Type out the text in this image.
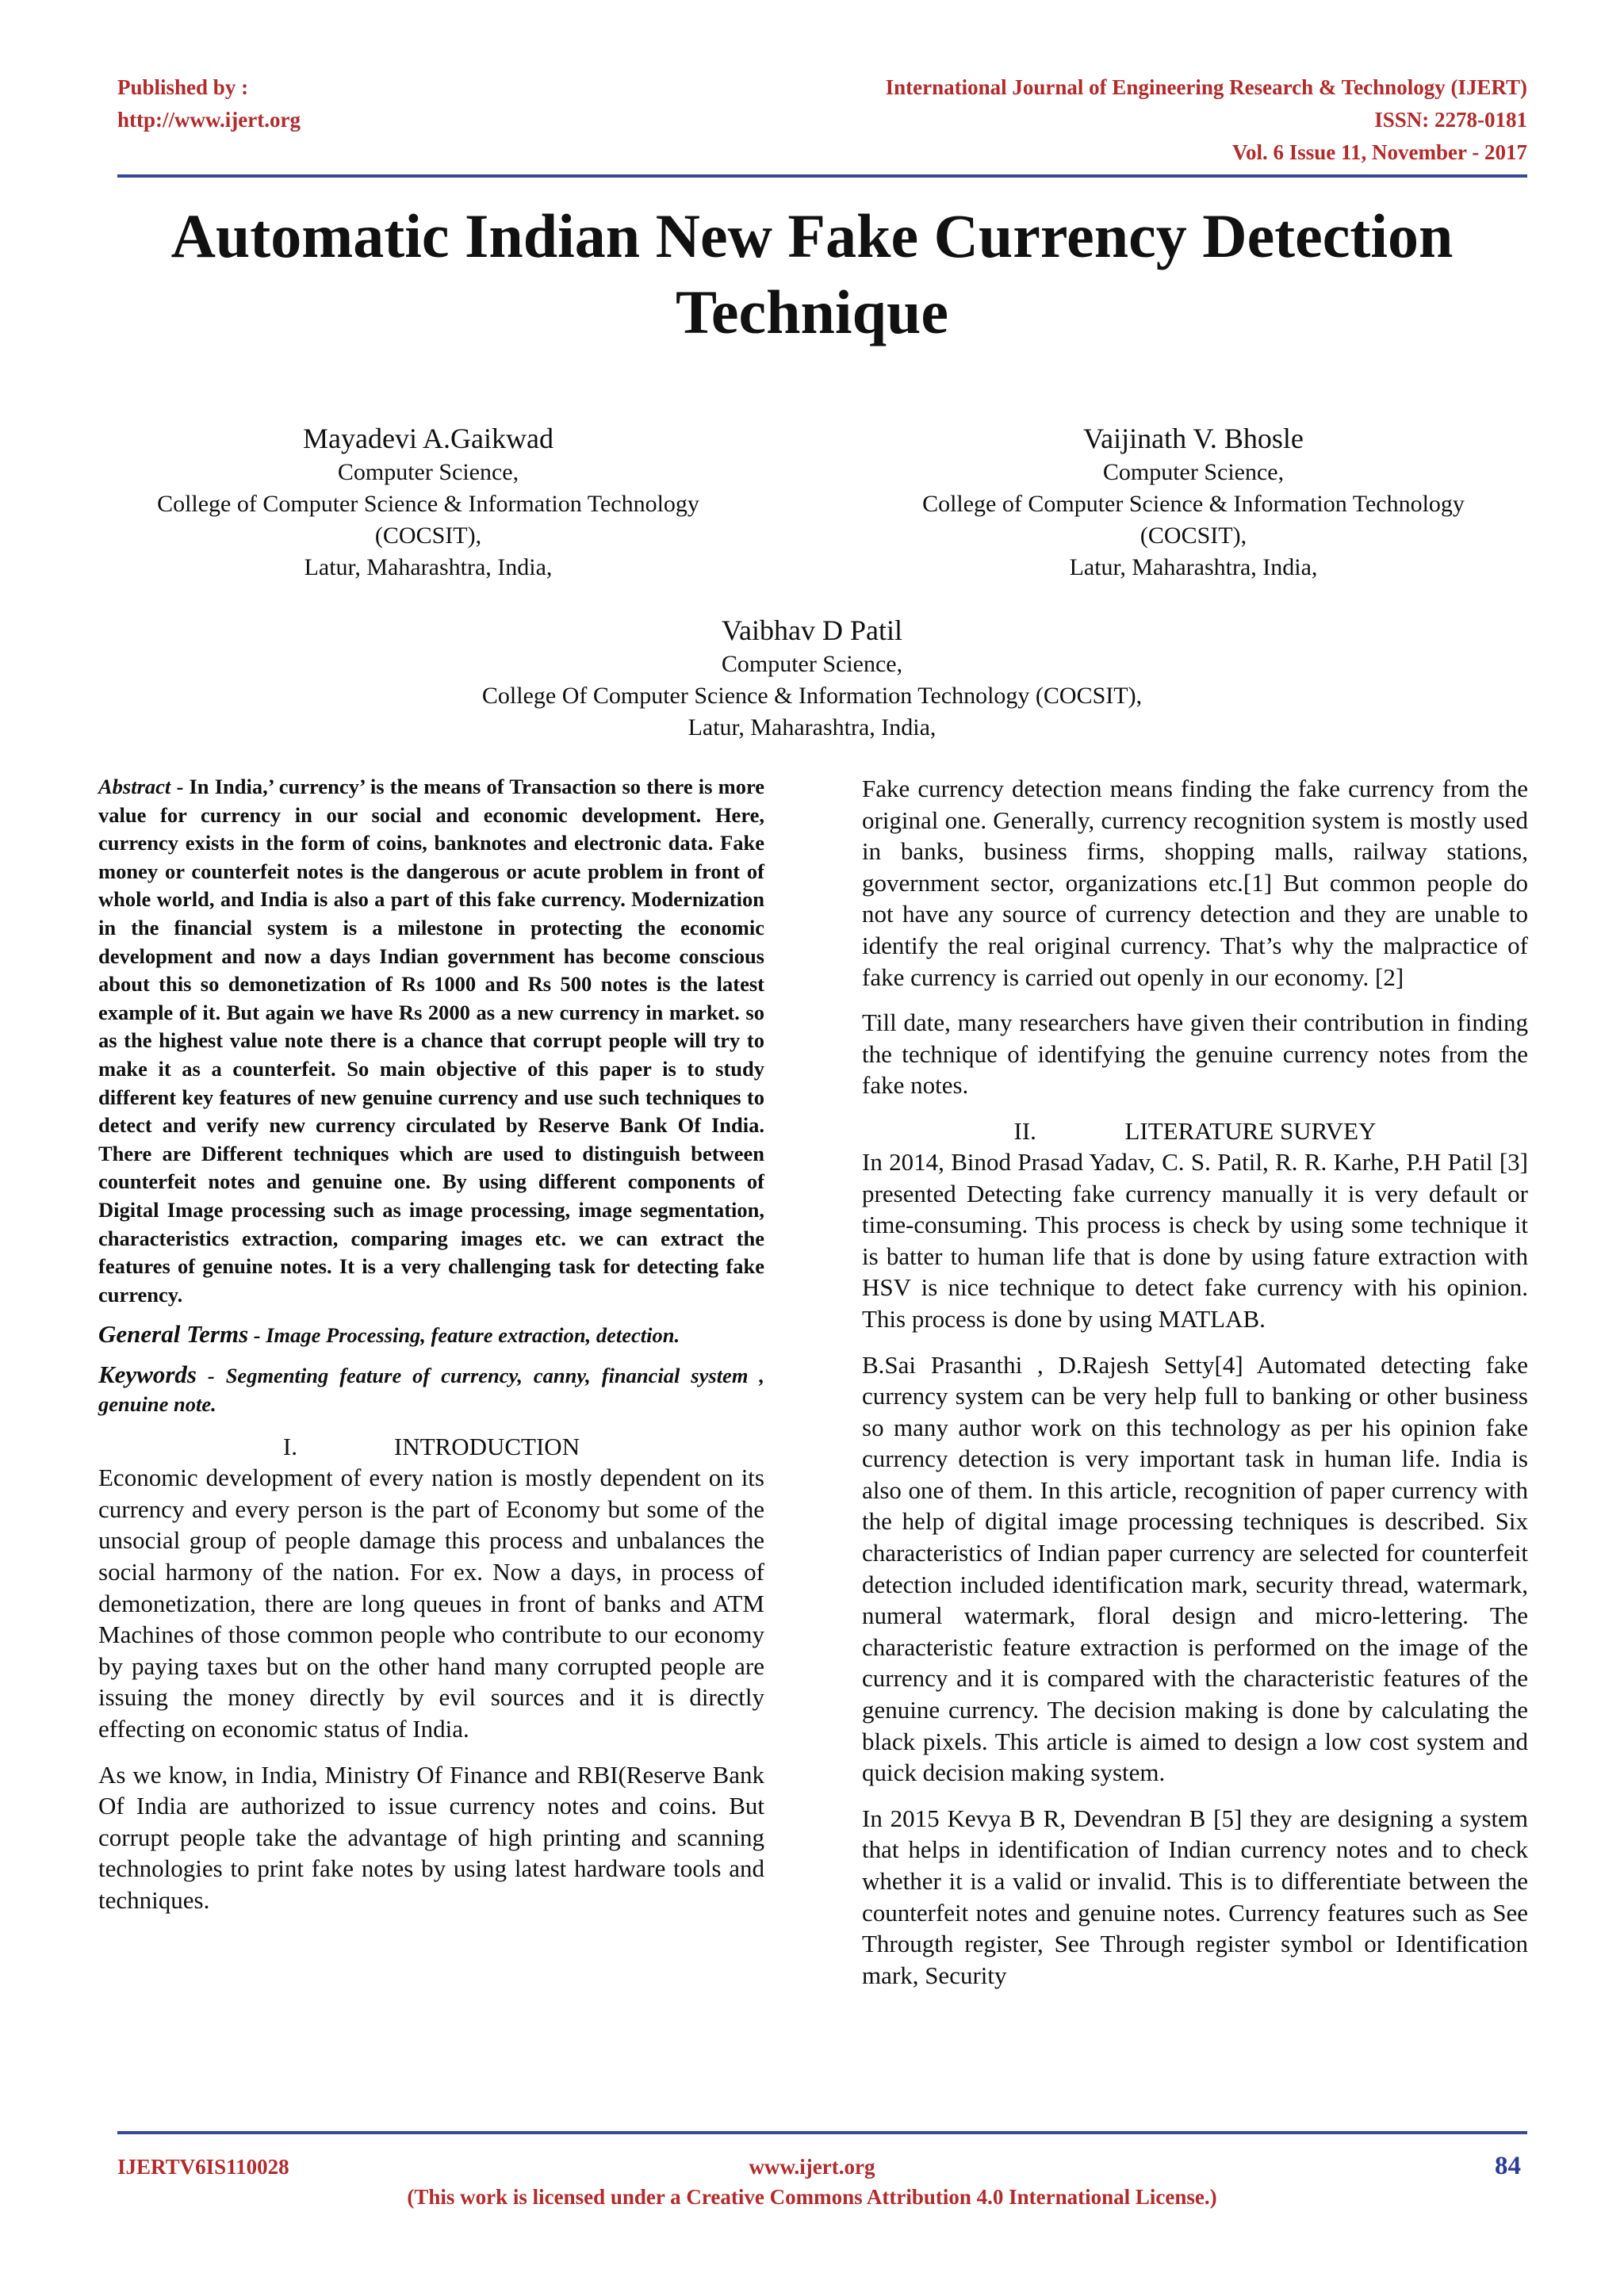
Published by :
http://www.ijert.org
International Journal of Engineering Research & Technology (IJERT)
ISSN: 2278-0181
Vol. 6 Issue 11, November - 2017
Automatic Indian New Fake Currency Detection
Technique
Mayadevi A.Gaikwad
Computer Science,
College of Computer Science & Information Technology
(COCSIT),
Latur, Maharashtra, India,
Vaijinath V. Bhosle
Computer Science,
College of Computer Science & Information Technology
(COCSIT),
Latur, Maharashtra, India,
Vaibhav D Patil
Computer Science,
College Of Computer Science & Information Technology (COCSIT),
Latur, Maharashtra, India,

Abstract - In India,’ currency’ is the means of Transaction so there is more value for currency in our social and economic development. Here, currency exists in the form of coins, banknotes and electronic data. Fake money or counterfeit notes is the dangerous or acute problem in front of whole world, and India is also a part of this fake currency. Modernization in the financial system is a milestone in protecting the economic development and now a days Indian government has become conscious about this so demonetization of Rs 1000 and Rs 500 notes is the latest example of it. But again we have Rs 2000 as a new currency in market. so as the highest value note there is a chance that corrupt people will try to make it as a counterfeit. So main objective of this paper is to study different key features of new genuine currency and use such techniques to detect and verify new currency circulated by Reserve Bank Of India. There are Different techniques which are used to distinguish between counterfeit notes and genuine one. By using different components of Digital Image processing such as image processing, image segmentation, characteristics extraction, comparing images etc. we can extract the features of genuine notes. It is a very challenging task for detecting fake currency.

General Terms - Image Processing, feature extraction, detection.

Keywords - Segmenting feature of currency, canny, financial system , genuine note.

I.	INTRODUCTION

Economic development of every nation is mostly dependent on its currency and every person is the part of Economy but some of the unsocial group of people damage this process and unbalances the social harmony of the nation. For ex. Now a days, in process of demonetization, there are long queues in front of banks and ATM Machines of those common people who contribute to our economy by paying taxes but on the other hand many corrupted people are issuing the money directly by evil sources and it is directly effecting on economic status of India.

As we know, in India, Ministry Of Finance and RBI(Reserve Bank Of India are authorized to issue currency notes and coins. But corrupt people take the advantage of high printing and scanning technologies to print fake notes by using latest hardware tools and techniques.

Fake currency detection means finding the fake currency from the original one. Generally, currency recognition system is mostly used in banks, business firms, shopping malls, railway stations, government sector, organizations etc.[1] But common people do not have any source of currency detection and they are unable to identify the real original currency. That’s why the malpractice of fake currency is carried out openly in our economy. [2]

Till date, many researchers have given their contribution in finding the technique of identifying the genuine currency notes from the fake notes.

II.	LITERATURE SURVEY

In 2014, Binod Prasad Yadav, C. S. Patil, R. R. Karhe, P.H Patil [3] presented Detecting fake currency manually it is very default or time-consuming. This process is check by using some technique it is batter to human life that is done by using fature extraction with HSV is nice technique to detect fake currency with his opinion. This process is done by using MATLAB.

B.Sai Prasanthi , D.Rajesh Setty[4] Automated detecting fake currency system can be very help full to banking or other business so many author work on this technology as per his opinion fake currency detection is very important task in human life. India is also one of them. In this article, recognition of paper currency with the help of digital image processing techniques is described. Six characteristics of Indian paper currency are selected for counterfeit detection included identification mark, security thread, watermark, numeral watermark, floral design and micro-lettering. The characteristic feature extraction is performed on the image of the currency and it is compared with the characteristic features of the genuine currency. The decision making is done by calculating the black pixels. This article is aimed to design a low cost system and quick decision making system.

In 2015 Kevya B R, Devendran B [5] they are designing a system that helps in identification of Indian currency notes and to check whether it is a valid or invalid. This is to differentiate between the counterfeit notes and genuine notes. Currency features such as See Througth register, See Through register symbol or Identification mark, Security

IJERTV6IS110028	www.ijert.org	84
(This work is licensed under a Creative Commons Attribution 4.0 International License.)
